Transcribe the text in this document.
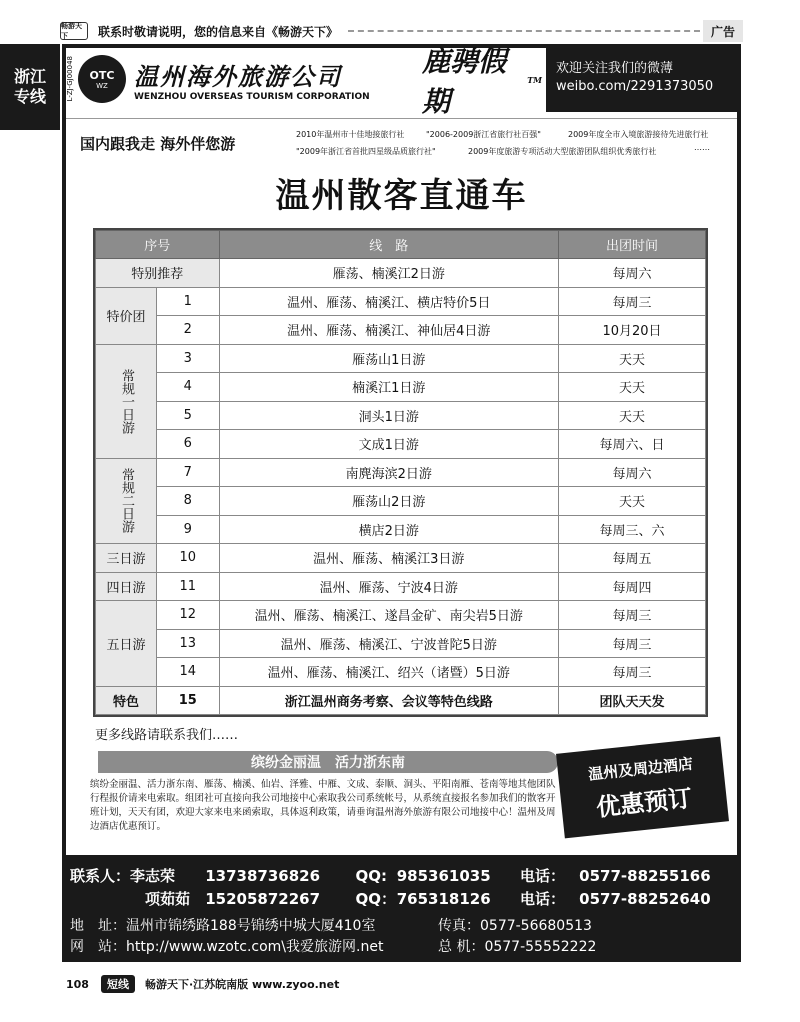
畅游天下	联系时敬请说明，您的信息来自《畅游天下》	广告
浙江
专线	L-ZJ-GJ00048 OTC
WZ 温州海外旅游公司
WENZHOU OVERSEAS TOURISM CORPORATION
鹿骋假期
TM
欢迎关注我们的微薄
weibo.com/2291373050
国内跟我走 海外伴您游
2010年温州市十佳地接旅行社	"2006-2009浙江省旅行社百强"	2009年度全市入境旅游接待先进旅行社
"2009年浙江省首批四星级品质旅行社"	2009年度旅游专项活动大型旅游团队组织优秀旅行社	……
温州散客直通车
序号		线　路	出团时间
特别推荐		雁荡、楠溪江2日游	每周六
特价团	1	温州、雁荡、楠溪江、横店特价5日	每周三
	2	温州、雁荡、楠溪江、神仙居4日游	10月20日
常规一日游	3	雁荡山1日游	天天
	4	楠溪江1日游	天天
	5	洞头1日游	天天
	6	文成1日游	每周六、日
常规二日游	7	南麂海滨2日游	每周六
	8	雁荡山2日游	天天
	9	横店2日游	每周三、六
三日游	10	温州、雁荡、楠溪江3日游	每周五
四日游	11	温州、雁荡、宁波4日游	每周四
五日游	12	温州、雁荡、楠溪江、遂昌金矿、南尖岩5日游	每周三
	13	温州、雁荡、楠溪江、宁波普陀5日游	每周三
	14	温州、雁荡、楠溪江、绍兴（诸暨）5日游	每周三
特色	15	浙江温州商务考察、会议等特色线路	团队天天发
更多线路请联系我们……
缤纷金丽温　活力浙东南
缤纷金丽温、活力浙东南、雁荡、楠溪、仙岩、泽雅、中雁、文成、泰顺、洞头、平阳南雁、苍南等地其他团队行程报价请来电索取。组团社可直接向我公司地接中心索取我公司系统帐号，从系统直接报名参加我们的散客开班计划，天天有团，欢迎大家来电来函索取，具体返利政策，请垂询温州海外旅游有限公司地接中心！温州及周边酒店优惠预订。
温州及周边酒店
优惠预订
联系人：李志荣 13738736826 QQ: 985361035 电话： 0577-88255166
项茹茹 15205872267 QQ： 765318126 电话： 0577-88252640
地　址：温州市锦绣路188号锦绣中城大厦410室	传真：0577-56680513
网　站：http://www.wzotc.com\我爱旅游网.net	总 机：0577-55552222
108	短线	畅游天下·江苏皖南版 www.zyoo.net
